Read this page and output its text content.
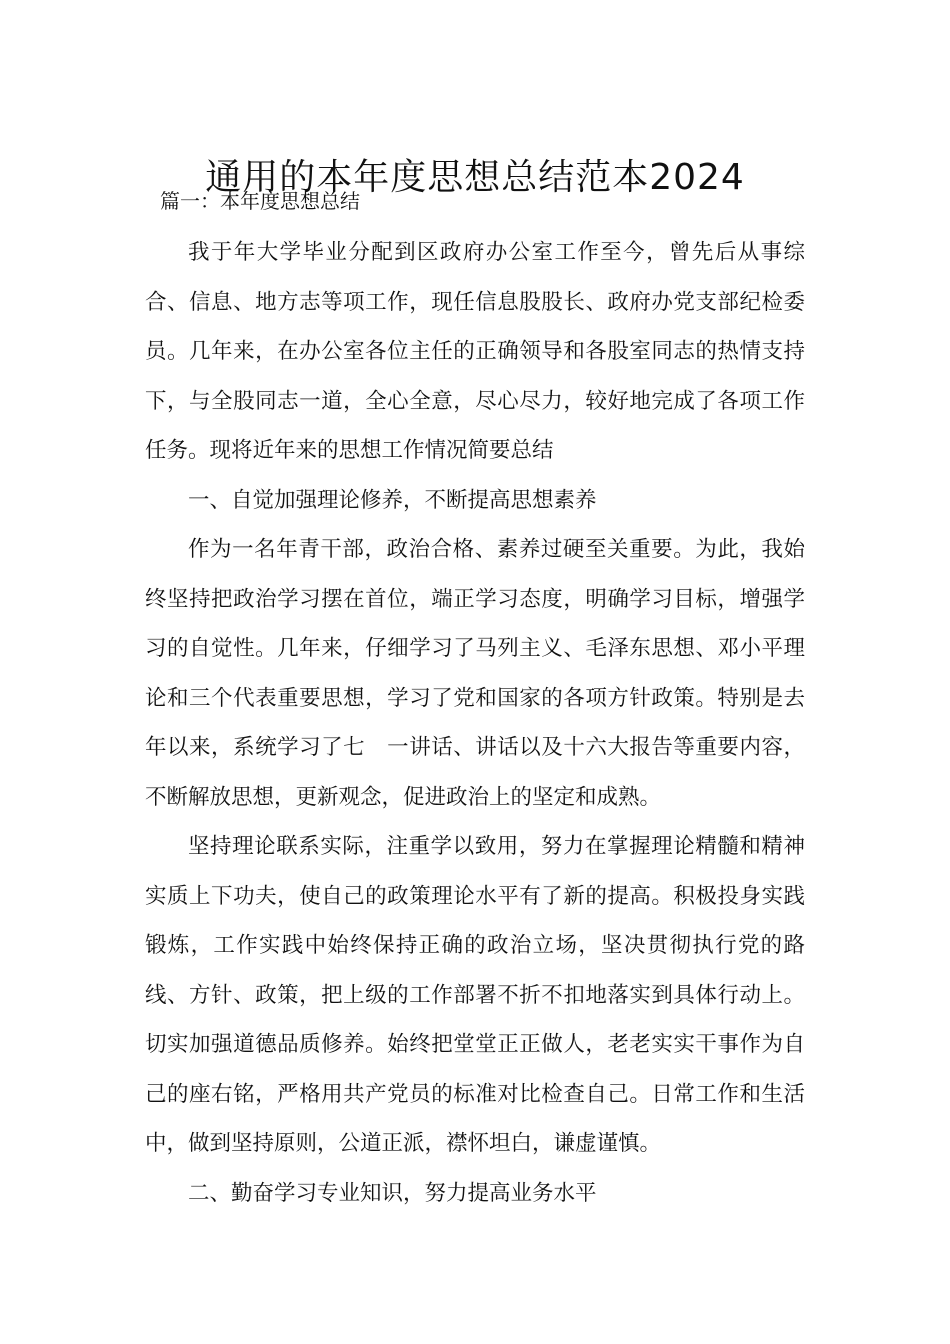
通用的本年度思想总结范本2024
篇一：本年度思想总结

我于年大学毕业分配到区政府办公室工作至今，曾先后从事综合、信息、地方志等项工作，现任信息股股长、政府办党支部纪检委员。几年来，在办公室各位主任的正确领导和各股室同志的热情支持下，与全股同志一道，全心全意，尽心尽力，较好地完成了各项工作任务。现将近年来的思想工作情况简要总结

一、自觉加强理论修养，不断提高思想素养

作为一名年青干部，政治合格、素养过硬至关重要。为此，我始终坚持把政治学习摆在首位，端正学习态度，明确学习目标，增强学习的自觉性。几年来，仔细学习了马列主义、毛泽东思想、邓小平理论和三个代表重要思想，学习了党和国家的各项方针政策。特别是去年以来，系统学习了七　一讲话、讲话以及十六大报告等重要内容，不断解放思想，更新观念，促进政治上的坚定和成熟。

坚持理论联系实际，注重学以致用，努力在掌握理论精髓和精神实质上下功夫，使自己的政策理论水平有了新的提高。积极投身实践锻炼，工作实践中始终保持正确的政治立场，坚决贯彻执行党的路线、方针、政策，把上级的工作部署不折不扣地落实到具体行动上。切实加强道德品质修养。始终把堂堂正正做人，老老实实干事作为自己的座右铭，严格用共产党员的标准对比检查自己。日常工作和生活中，做到坚持原则，公道正派，襟怀坦白，谦虚谨慎。

二、勤奋学习专业知识，努力提高业务水平
